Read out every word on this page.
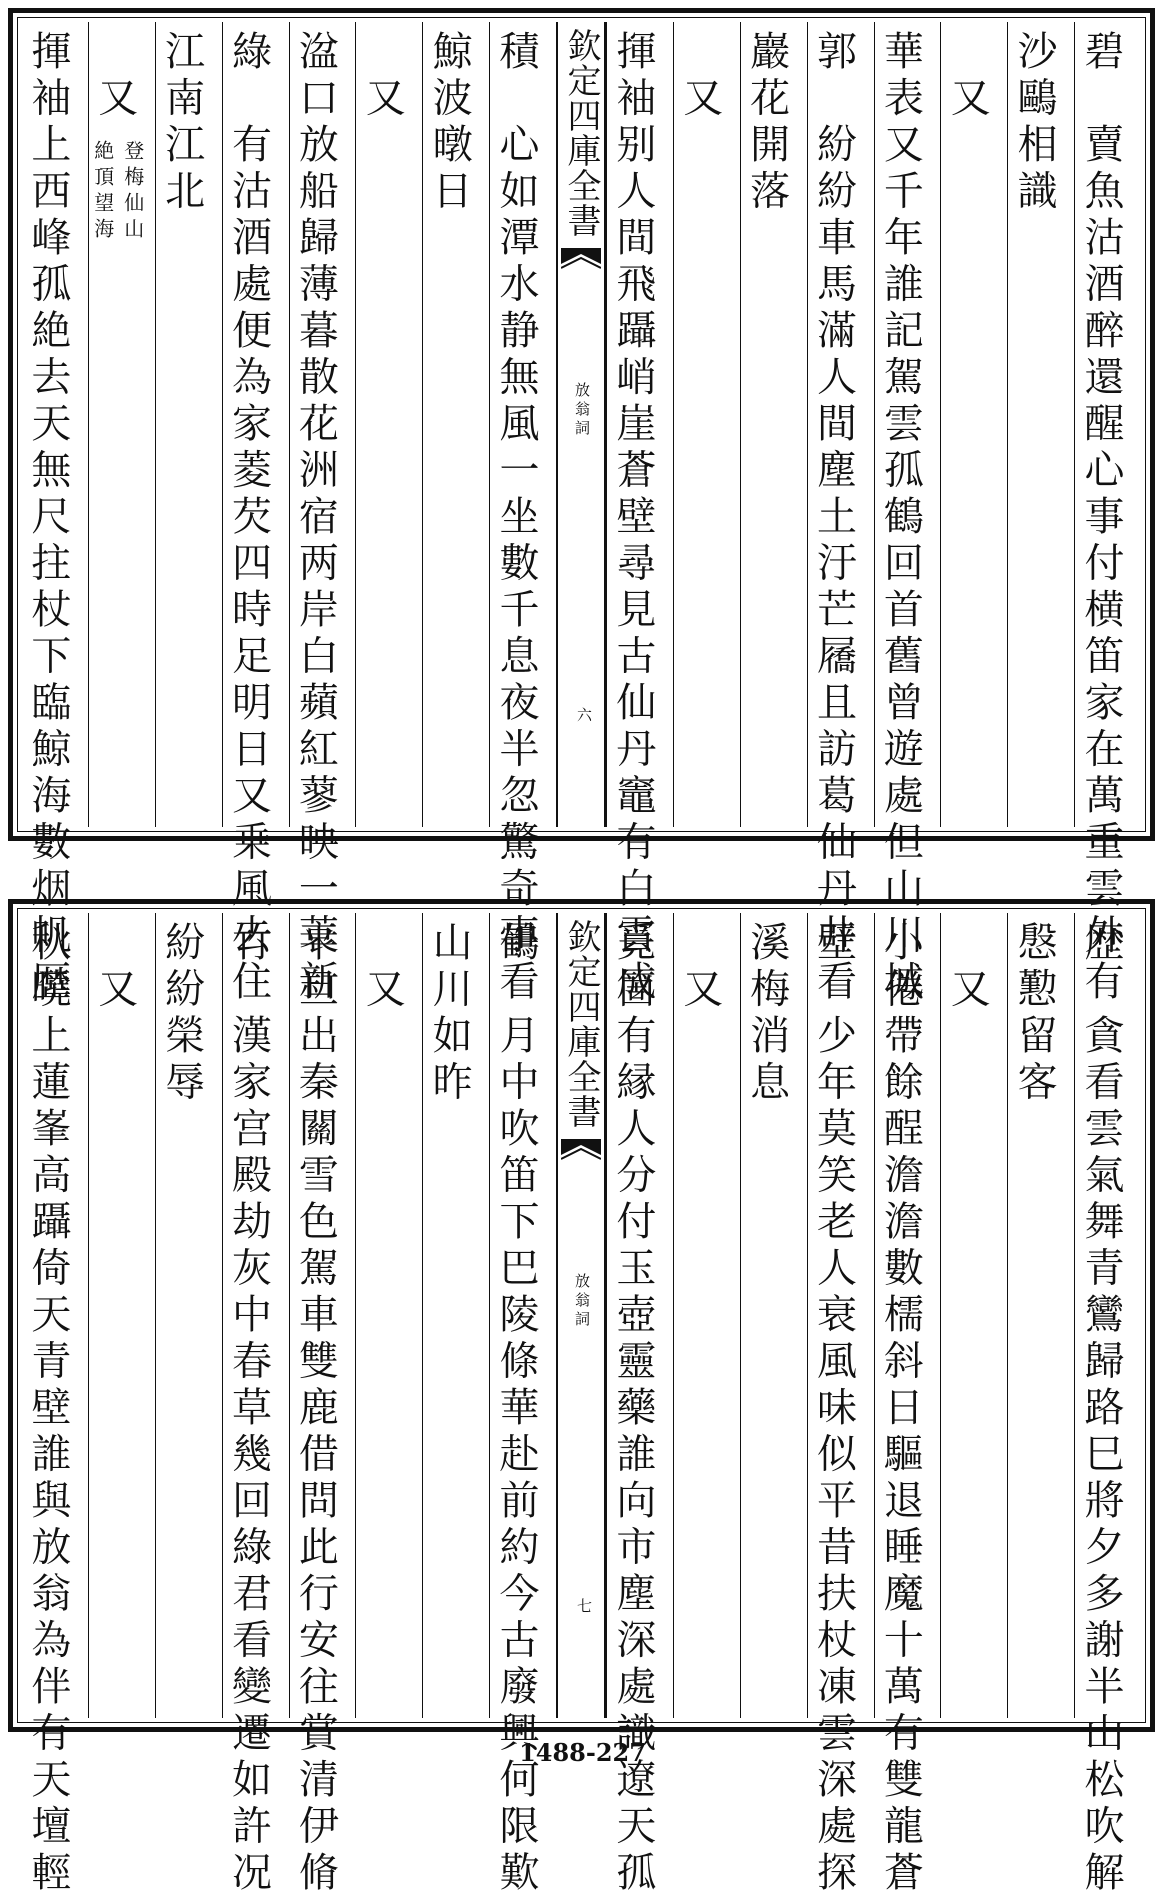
碧　賣魚沽酒醉還醒心事付横笛家在萬重雲外有
沙鷗相識
　又
華表又千年誰記駕雲孤鶴回首舊曾遊處但山川城
郭　紛紛車馬滿人間塵土汙芒屩且訪葛仙丹井看
巖花開落
　又
揮袖别人間飛躡峭崖蒼壁尋見古仙丹竈有白雲成
欽定四庫全書
放翁詞
六
積　心如潭水静無風一坐數千息夜半忽驚奇事看
鯨波暾日
　又
湓口放船歸薄暮散花洲宿两岸白蘋紅蓼映一蓑新
綠　有沽酒處便為家菱芡四時足明日又乗風去住
江南江北
　又
登梅仙山
絶頂望海
揮袖上西峰孤絶去天無尺拄杖下臨鯨海數烟帆歴
歴　貪看雲氣舞青鸞歸路巳將夕多謝半山松吹解
慇懃留客
　又
小倦帶餘酲澹澹數檽斜日驅退睡魔十萬有雙龍蒼
壁　少年莫笑老人衰風味似平昔扶杖凍雲深處探
溪梅消息
　又
覓箇有縁人分付玉壺靈藥誰向市塵深處識遼天孤
欽定四庫全書
放翁詞
七
鶴　月中吹笛下巴陵條華赴前約今古廢興何限歎
山川如昨
　又
平旦出秦關雪色駕車雙鹿借問此行安往賞清伊脩
竹　漢家宫殿劫灰中春草幾回綠君看變遷如許况
紛紛榮辱
　又
秋曉上蓮峯高躡倚天青壁誰與放翁為伴有天壇輕	1488-227
